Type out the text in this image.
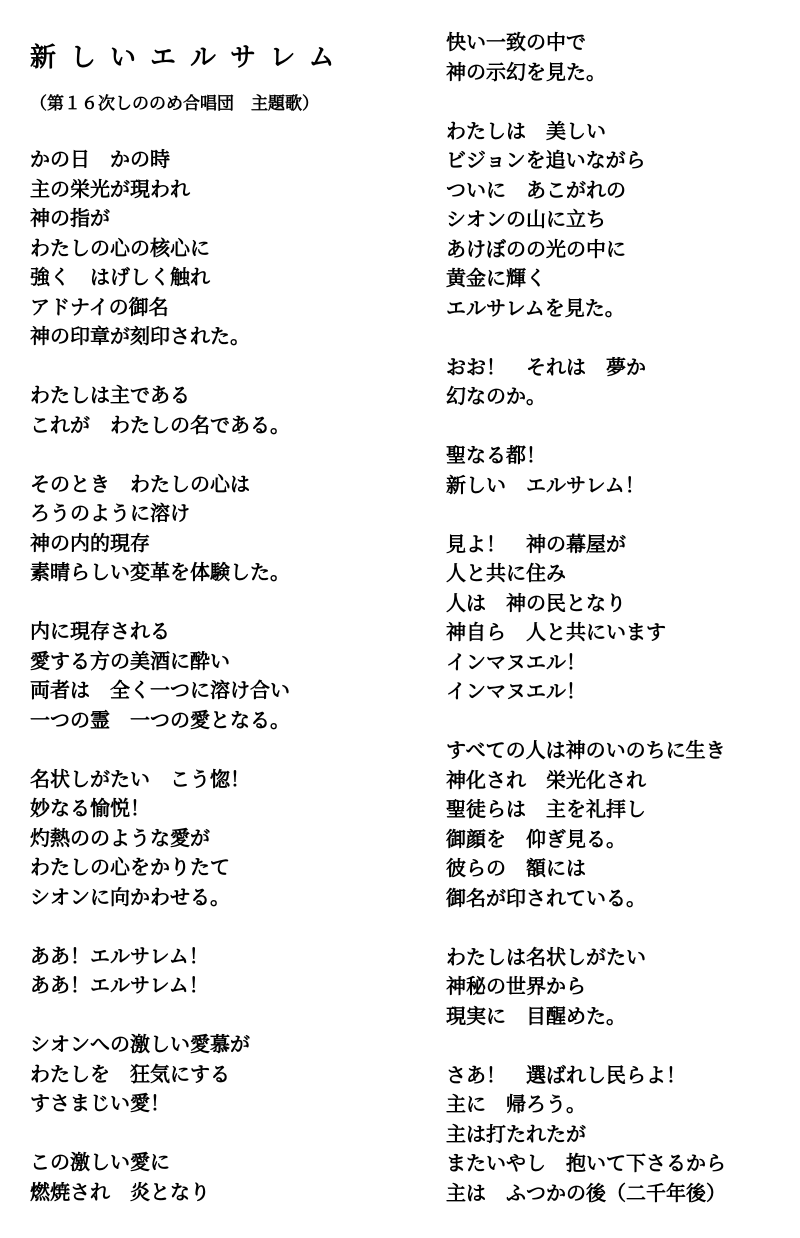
新しいエルサレム
（第１６次しののめ合唱団　主題歌）
かの日　かの時
主の栄光が現われ
神の指が
わたしの心の核心に
強く　はげしく触れ
アドナイの御名
神の印章が刻印された。
わたしは主である
これが　わたしの名である。
そのとき　わたしの心は
ろうのように溶け
神の内的現存
素晴らしい変革を体験した。
内に現存される
愛する方の美酒に酔い
両者は　全く一つに溶け合い
一つの霊　一つの愛となる。
名状しがたい　こう惚！
妙なる愉悦！
灼熱ののような愛が
わたしの心をかりたて
シオンに向かわせる。
ああ！エルサレム！
ああ！エルサレム！
シオンへの激しい愛慕が
わたしを　狂気にする
すさまじい愛！
この激しい愛に
燃焼され　炎となり
快い一致の中で
神の示幻を見た。
わたしは　美しい
ビジョンを追いながら
ついに　あこがれの
シオンの山に立ち
あけぼのの光の中に
黄金に輝く
エルサレムを見た。
おお！　それは　夢か
幻なのか。
聖なる都！
新しい　エルサレム！
見よ！　神の幕屋が
人と共に住み
人は　神の民となり
神自ら　人と共にいます
インマヌエル！
インマヌエル！
すべての人は神のいのちに生き
神化され　栄光化され
聖徒らは　主を礼拝し
御顔を　仰ぎ見る。
彼らの　額には
御名が印されている。
わたしは名状しがたい
神秘の世界から
現実に　目醒めた。
さあ！　選ばれし民らよ！
主に　帰ろう。
主は打たれたが
またいやし　抱いて下さるから
主は　ふつかの後（二千年後）
